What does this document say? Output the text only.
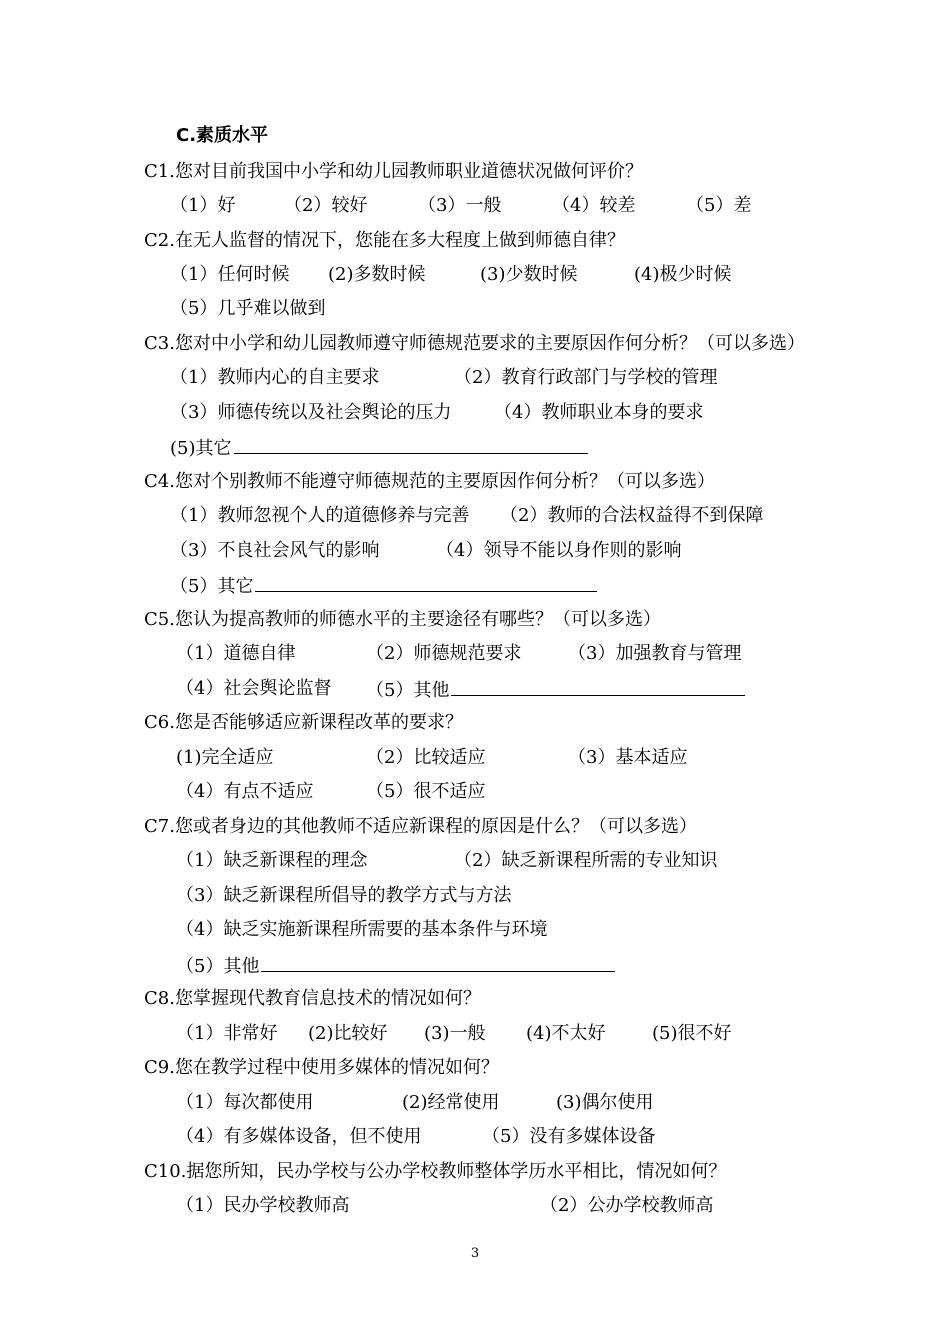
C.素质水平
C1.您对目前我国中小学和幼儿园教师职业道德状况做何评价？
（1）好	（2）较好	（3）一般	（4）较差	（5）差
C2.在无人监督的情况下，您能在多大程度上做到师德自律？
（1）任何时候 (2)多数时候	(3)少数时候	(4)极少时候
（5）几乎难以做到
C3.您对中小学和幼儿园教师遵守师德规范要求的主要原因作何分析？（可以多选）
（1）教师内心的自主要求	（2）教育行政部门与学校的管理
（3）师德传统以及社会舆论的压力 （4）教师职业本身的要求
(5)其它
C4.您对个别教师不能遵守师德规范的主要原因作何分析？（可以多选）
（1）教师忽视个人的道德修养与完善 （2）教师的合法权益得不到保障
（3）不良社会风气的影响	（4）领导不能以身作则的影响
（5）其它
C5.您认为提高教师的师德水平的主要途径有哪些？（可以多选）
（1）道德自律	（2）师德规范要求	（3）加强教育与管理
（4）社会舆论监督 （5）其他
C6.您是否能够适应新课程改革的要求？
(1)完全适应	（2）比较适应	（3）基本适应
（4）有点不适应	（5）很不适应
C7.您或者身边的其他教师不适应新课程的原因是什么？（可以多选）
（1）缺乏新课程的理念	（2）缺乏新课程所需的专业知识
（3）缺乏新课程所倡导的教学方式与方法
（4）缺乏实施新课程所需要的基本条件与环境
（5）其他
C8.您掌握现代教育信息技术的情况如何？
（1）非常好 (2)比较好 (3)一般 (4)不太好	(5)很不好
C9.您在教学过程中使用多媒体的情况如何？
（1）每次都使用	(2)经常使用	(3)偶尔使用
（4）有多媒体设备，但不使用	（5）没有多媒体设备
C10.据您所知，民办学校与公办学校教师整体学历水平相比，情况如何？
（1）民办学校教师高	（2）公办学校教师高
3
